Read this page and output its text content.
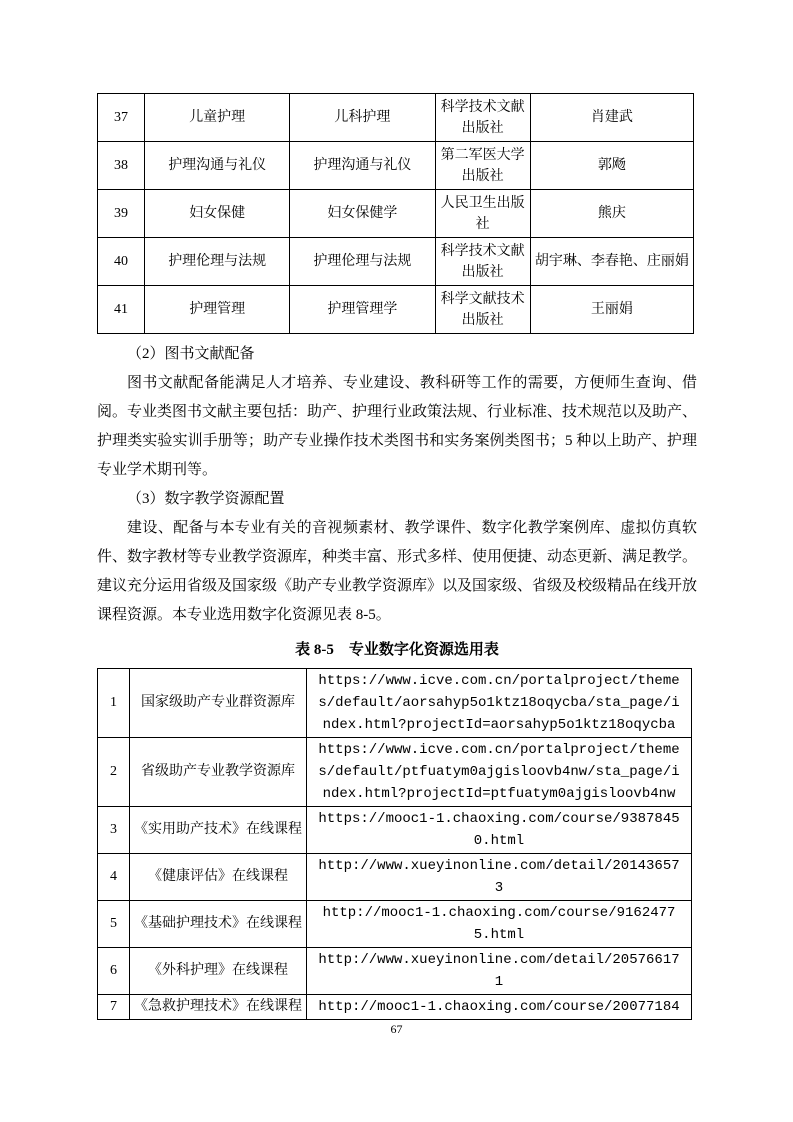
37	儿童护理	儿科护理	科学技术文献出版社	肖建武
38	护理沟通与礼仪	护理沟通与礼仪	第二军医大学出版社	郭飏
39	妇女保健	妇女保健学	人民卫生出版社	熊庆
40	护理伦理与法规	护理伦理与法规	科学技术文献出版社	胡宇琳、李春艳、庄丽娟
41	护理管理	护理管理学	科学文献技术出版社	王丽娟
（2）图书文献配备

图书文献配备能满足人才培养、专业建设、教科研等工作的需要，方便师生查询、借阅。专业类图书文献主要包括：助产、护理行业政策法规、行业标准、技术规范以及助产、护理类实验实训手册等；助产专业操作技术类图书和实务案例类图书；5 种以上助产、护理专业学术期刊等。

（3）数字教学资源配置

建设、配备与本专业有关的音视频素材、教学课件、数字化教学案例库、虚拟仿真软件、数字教材等专业教学资源库，种类丰富、形式多样、使用便捷、动态更新、满足教学。建议充分运用省级及国家级《助产专业教学资源库》以及国家级、省级及校级精品在线开放课程资源。本专业选用数字化资源见表 8-5。

表 8-5　专业数字化资源选用表
1	国家级助产专业群资源库	https://www.icve.com.cn/portalproject/themes/default/aorsahyp5o1ktz18oqycba/sta_page/index.html?projectId=aorsahyp5o1ktz18oqycba
2	省级助产专业教学资源库	https://www.icve.com.cn/portalproject/themes/default/ptfuatym0ajgisloovb4nw/sta_page/index.html?projectId=ptfuatym0ajgisloovb4nw
3	《实用助产技术》在线课程	https://mooc1-1.chaoxing.com/course/93878450.html
4	《健康评估》在线课程	http://www.xueyinonline.com/detail/201436573
5	《基础护理技术》在线课程	http://mooc1-1.chaoxing.com/course/91624775.html
6	《外科护理》在线课程	http://www.xueyinonline.com/detail/205766171
7	《急救护理技术》在线课程	http://mooc1-1.chaoxing.com/course/20077184
67
